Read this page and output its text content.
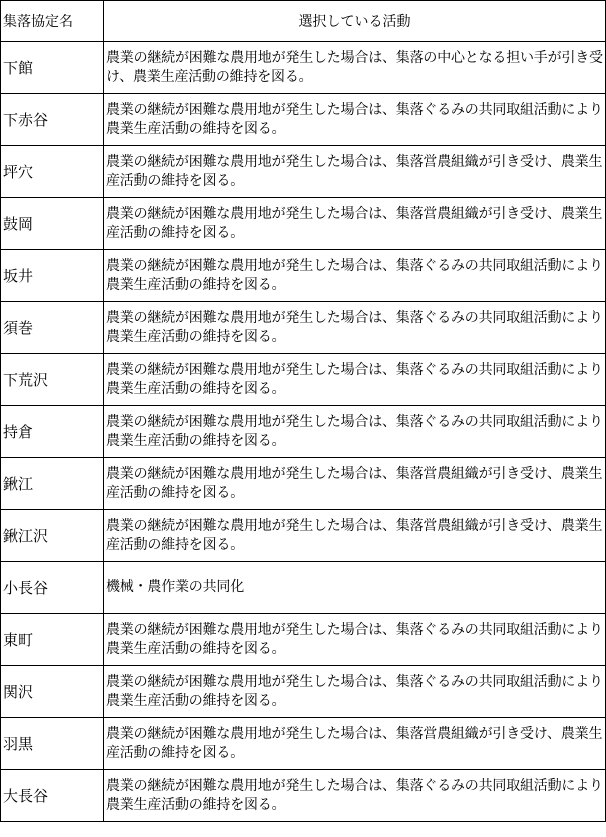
集落協定名	選択している活動
下館	農業の継続が困難な農用地が発生した場合は、集落の中心となる担い手が引き受け、農業生産活動の維持を図る。
下赤谷	農業の継続が困難な農用地が発生した場合は、集落ぐるみの共同取組活動により農業生産活動の維持を図る。
坪穴	農業の継続が困難な農用地が発生した場合は、集落営農組織が引き受け、農業生産活動の維持を図る。
鼓岡	農業の継続が困難な農用地が発生した場合は、集落営農組織が引き受け、農業生産活動の維持を図る。
坂井	農業の継続が困難な農用地が発生した場合は、集落ぐるみの共同取組活動により農業生産活動の維持を図る。
須巻	農業の継続が困難な農用地が発生した場合は、集落ぐるみの共同取組活動により農業生産活動の維持を図る。
下荒沢	農業の継続が困難な農用地が発生した場合は、集落ぐるみの共同取組活動により農業生産活動の維持を図る。
持倉	農業の継続が困難な農用地が発生した場合は、集落ぐるみの共同取組活動により農業生産活動の維持を図る。
鍬江	農業の継続が困難な農用地が発生した場合は、集落営農組織が引き受け、農業生産活動の維持を図る。
鍬江沢	農業の継続が困難な農用地が発生した場合は、集落営農組織が引き受け、農業生産活動の維持を図る。
小長谷	機械・農作業の共同化
東町	農業の継続が困難な農用地が発生した場合は、集落ぐるみの共同取組活動により農業生産活動の維持を図る。
関沢	農業の継続が困難な農用地が発生した場合は、集落ぐるみの共同取組活動により農業生産活動の維持を図る。
羽黒	農業の継続が困難な農用地が発生した場合は、集落営農組織が引き受け、農業生産活動の維持を図る。
大長谷	農業の継続が困難な農用地が発生した場合は、集落ぐるみの共同取組活動により農業生産活動の維持を図る。
